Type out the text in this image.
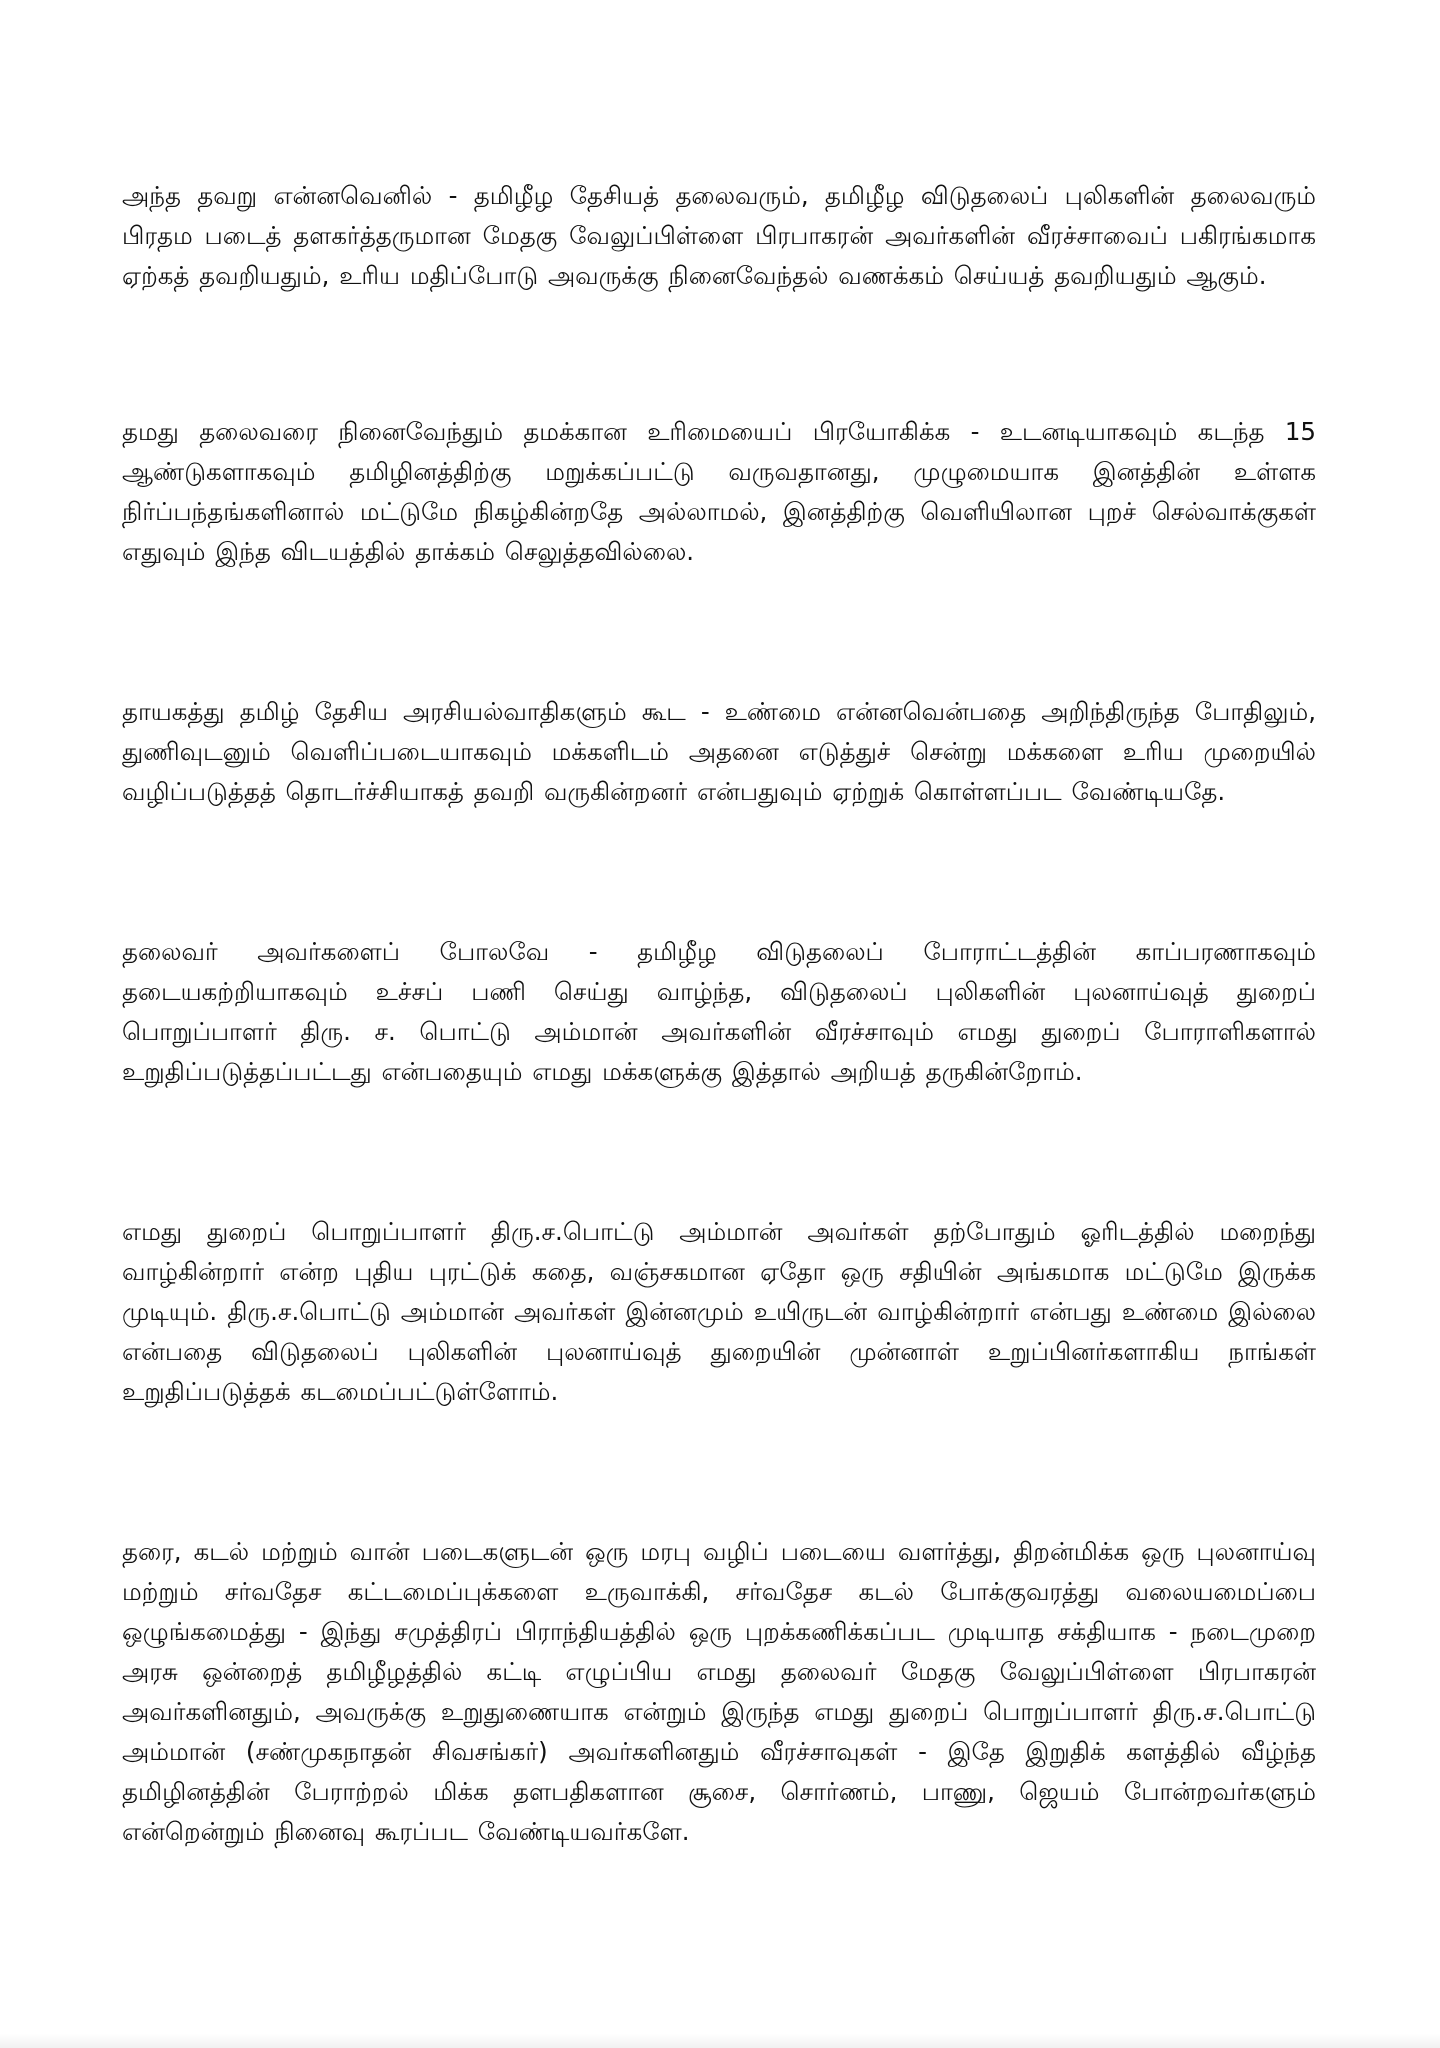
அந்த தவறு என்னவெனில் - தமிழீழ தேசியத் தலைவரும், தமிழீழ விடுதலைப் புலிகளின் தலைவரும் பிரதம படைத் தளகர்த்தருமான மேதகு வேலுப்பிள்ளை பிரபாகரன் அவர்களின் வீரச்சாவைப் பகிரங்கமாக ஏற்கத் தவறியதும், உரிய மதிப்போடு அவருக்கு நினைவேந்தல் வணக்கம் செய்யத் தவறியதும் ஆகும்.

தமது தலைவரை நினைவேந்தும் தமக்கான உரிமையைப் பிரயோகிக்க - உடனடியாகவும் கடந்த 15 ஆண்டுகளாகவும் தமிழினத்திற்கு மறுக்கப்பட்டு வருவதானது, முழுமையாக இனத்தின் உள்ளக நிர்ப்பந்தங்களினால் மட்டுமே நிகழ்கின்றதே அல்லாமல், இனத்திற்கு வெளியிலான புறச் செல்வாக்குகள் எதுவும் இந்த விடயத்தில் தாக்கம் செலுத்தவில்லை.

தாயகத்து தமிழ் தேசிய அரசியல்வாதிகளும் கூட - உண்மை என்னவென்பதை அறிந்திருந்த போதிலும், துணிவுடனும் வெளிப்படையாகவும் மக்களிடம் அதனை எடுத்துச் சென்று மக்களை உரிய முறையில் வழிப்படுத்தத் தொடர்ச்சியாகத் தவறி வருகின்றனர் என்பதுவும் ஏற்றுக் கொள்ளப்பட வேண்டியதே.

தலைவர் அவர்களைப் போலவே - தமிழீழ விடுதலைப் போராட்டத்தின் காப்பரணாகவும் தடையகற்றியாகவும் உச்சப் பணி செய்து வாழ்ந்த, விடுதலைப் புலிகளின் புலனாய்வுத் துறைப் பொறுப்பாளர் திரு. ச. பொட்டு அம்மான் அவர்களின் வீரச்சாவும் எமது துறைப் போராளிகளால் உறுதிப்படுத்தப்பட்டது என்பதையும் எமது மக்களுக்கு இத்தால் அறியத் தருகின்றோம்.

எமது துறைப் பொறுப்பாளர் திரு.ச.பொட்டு அம்மான் அவர்கள் தற்போதும் ஓரிடத்தில் மறைந்து வாழ்கின்றார் என்ற புதிய புரட்டுக் கதை, வஞ்சகமான ஏதோ ஒரு சதியின் அங்கமாக மட்டுமே இருக்க முடியும். திரு.ச.பொட்டு அம்மான் அவர்கள் இன்னமும் உயிருடன் வாழ்கின்றார் என்பது உண்மை இல்லை என்பதை விடுதலைப் புலிகளின் புலனாய்வுத் துறையின் முன்னாள் உறுப்பினர்களாகிய நாங்கள் உறுதிப்படுத்தக் கடமைப்பட்டுள்ளோம்.

தரை, கடல் மற்றும் வான் படைகளுடன் ஒரு மரபு வழிப் படையை வளர்த்து, திறன்மிக்க ஒரு புலனாய்வு மற்றும் சர்வதேச கட்டமைப்புக்களை உருவாக்கி, சர்வதேச கடல் போக்குவரத்து வலையமைப்பை ஒழுங்கமைத்து - இந்து சமுத்திரப் பிராந்தியத்தில் ஒரு புறக்கணிக்கப்பட முடியாத சக்தியாக - நடைமுறை அரசு ஒன்றைத் தமிழீழத்தில் கட்டி எழுப்பிய எமது தலைவர் மேதகு வேலுப்பிள்ளை பிரபாகரன் அவர்களினதும், அவருக்கு உறுதுணையாக என்றும் இருந்த எமது துறைப் பொறுப்பாளர் திரு.ச.பொட்டு அம்மான் (சண்முகநாதன் சிவசங்கர்) அவர்களினதும் வீரச்சாவுகள் - இதே இறுதிக் களத்தில் வீழ்ந்த தமிழினத்தின் பேராற்றல் மிக்க தளபதிகளான சூசை, சொர்ணம், பாணு, ஜெயம் போன்றவர்களும் என்றென்றும் நினைவு கூரப்பட வேண்டியவர்களே.
